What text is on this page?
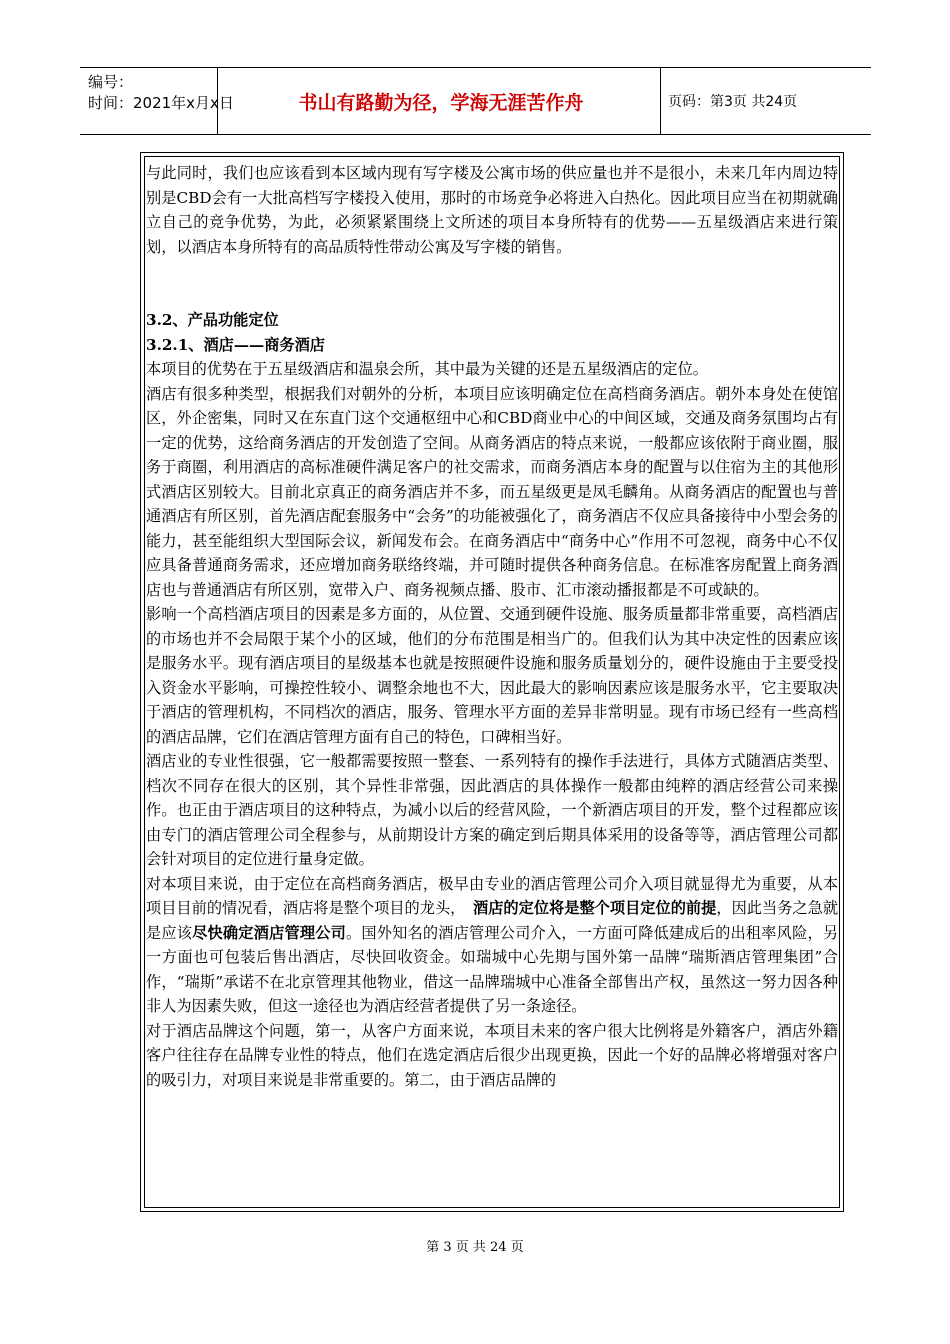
编号：
时间：2021年x月x日	书山有路勤为径，学海无涯苦作舟	页码：第3页 共24页

与此同时，我们也应该看到本区域内现有写字楼及公寓市场的供应量也并不是很小，未来几年内周边特别是CBD会有一大批高档写字楼投入使用，那时的市场竞争必将进入白热化。因此项目应当在初期就确立自己的竞争优势，为此，必须紧紧围绕上文所述的项目本身所特有的优势——五星级酒店来进行策划，以酒店本身所特有的高品质特性带动公寓及写字楼的销售。

3.2、产品功能定位

3.2.1、酒店——商务酒店

本项目的优势在于五星级酒店和温泉会所，其中最为关键的还是五星级酒店的定位。

酒店有很多种类型，根据我们对朝外的分析，本项目应该明确定位在高档商务酒店。朝外本身处在使馆区，外企密集，同时又在东直门这个交通枢纽中心和CBD商业中心的中间区域，交通及商务氛围均占有一定的优势，这给商务酒店的开发创造了空间。从商务酒店的特点来说，一般都应该依附于商业圈，服务于商圈，利用酒店的高标准硬件满足客户的社交需求，而商务酒店本身的配置与以住宿为主的其他形式酒店区别较大。目前北京真正的商务酒店并不多，而五星级更是凤毛麟角。从商务酒店的配置也与普通酒店有所区别，首先酒店配套服务中“会务”的功能被强化了，商务酒店不仅应具备接待中小型会务的能力，甚至能组织大型国际会议，新闻发布会。在商务酒店中“商务中心”作用不可忽视，商务中心不仅应具备普通商务需求，还应增加商务联络终端，并可随时提供各种商务信息。在标准客房配置上商务酒店也与普通酒店有所区别，宽带入户、商务视频点播、股市、汇市滚动播报都是不可或缺的。

影响一个高档酒店项目的因素是多方面的，从位置、交通到硬件设施、服务质量都非常重要，高档酒店的市场也并不会局限于某个小的区域，他们的分布范围是相当广的。但我们认为其中决定性的因素应该是服务水平。现有酒店项目的星级基本也就是按照硬件设施和服务质量划分的，硬件设施由于主要受投入资金水平影响，可操控性较小、调整余地也不大，因此最大的影响因素应该是服务水平，它主要取决于酒店的管理机构，不同档次的酒店，服务、管理水平方面的差异非常明显。现有市场已经有一些高档的酒店品牌，它们在酒店管理方面有自己的特色，口碑相当好。

酒店业的专业性很强，它一般都需要按照一整套、一系列特有的操作手法进行，具体方式随酒店类型、档次不同存在很大的区别，其个异性非常强，因此酒店的具体操作一般都由纯粹的酒店经营公司来操作。也正由于酒店项目的这种特点，为减小以后的经营风险，一个新酒店项目的开发，整个过程都应该由专门的酒店管理公司全程参与，从前期设计方案的确定到后期具体采用的设备等等，酒店管理公司都会针对项目的定位进行量身定做。

对本项目来说，由于定位在高档商务酒店，极早由专业的酒店管理公司介入项目就显得尤为重要，从本项目目前的情况看，酒店将是整个项目的龙头，　酒店的定位将是整个项目定位的前提，因此当务之急就是应该尽快确定酒店管理公司。国外知名的酒店管理公司介入，一方面可降低建成后的出租率风险，另一方面也可包装后售出酒店，尽快回收资金。如瑞城中心先期与国外第一品牌“瑞斯酒店管理集团”合作，“瑞斯”承诺不在北京管理其他物业，借这一品牌瑞城中心准备全部售出产权，虽然这一努力因各种非人为因素失败，但这一途径也为酒店经营者提供了另一条途径。

对于酒店品牌这个问题，第一，从客户方面来说，本项目未来的客户很大比例将是外籍客户，酒店外籍客户往往存在品牌专业性的特点，他们在选定酒店后很少出现更换，因此一个好的品牌必将增强对客户的吸引力，对项目来说是非常重要的。第二，由于酒店品牌的

第 3 页 共 24 页
